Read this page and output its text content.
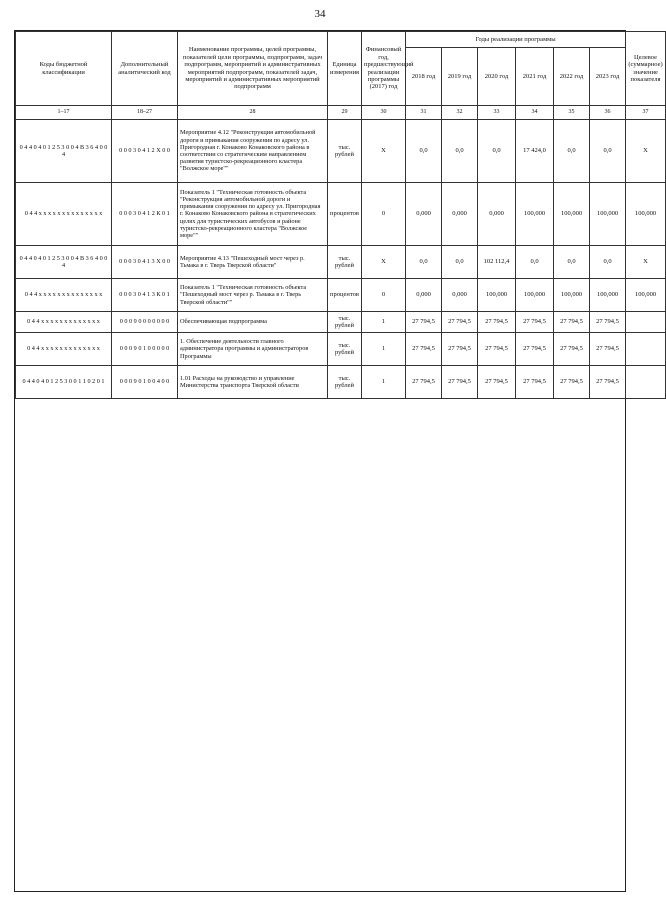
34
Коды бюджетной классификации	Дополнительный аналитический код	Наименование программы, целей программы, показателей цели программы, подпрограмм, задач подпрограмм, мероприятий и административных мероприятий подпрограмм, показателей задач, мероприятий и административных мероприятий подпрограмм	Единица измерения	Финансовый год, предшествующий реализации программы (2017) год	Годы реализации программы						Целевое (суммарное) значение показателя
					2018 год	2019 год	2020 год	2021 год	2022 год	2023 год	
1–17	18–27	28	29	30	31	32	33	34	35	36	37
0 4 4 0 4 0 1 2 5 3 0 0 4 В 3 6 4 0 0 4	0 0 0 3 0 4 1 2 Х 0 0	Мероприятие 4.12 "Реконструкция автомобильной дороги и примыкания сооружения по адресу ул. Пригородная г. Конаково Конаковского района в соответствии со стратегическим направлением развития туристско-рекреационного кластера "Волжское море""	тыс. рублей	Х	0,0	0,0	0,0	17 424,0	0,0	0,0	Х
0 4 4 х х х х х х х х х х х х х х	0 0 0 3 0 4 1 2 К 0 1	Показатель 1 "Техническая готовность объекта "Реконструкция автомобильной дороги и примыкания сооружения по адресу ул. Пригородная г. Конаково Конаковского района в стратегических целях для туристических автобусов и районе туристско-рекреационного кластера "Волжское море""	процентов	0	0,000	0,000	0,000	100,000	100,000	100,000	100,000
0 4 4 0 4 0 1 2 5 3 0 0 4 В 3 6 4 0 0 4	0 0 0 3 0 4 1 3 Х 0 0	Мероприятие 4.13 "Пешеходный мост через р. Тьмака в г. Тверь Тверской области"	тыс. рублей	Х	0,0	0,0	102 112,4	0,0	0,0	0,0	Х
0 4 4 х х х х х х х х х х х х х х	0 0 0 3 0 4 1 3 К 0 1	Показатель 1 "Техническая готовность объекта "Пешеходный мост через р. Тьмака в г. Тверь Тверской области""	процентов	0	0,000	0,000	100,000	100,000	100,000	100,000	100,000
0 4 4 х х х х х х х х х х х х х	0 0 0 9 0 0 0 0 0 0 0	Обеспечивающая подпрограмма	тыс. рублей	1	27 794,5	27 794,5	27 794,5	27 794,5	27 794,5	27 794,5	
0 4 4 х х х х х х х х х х х х х	0 0 0 9 0 1 0 0 0 0 0	1. Обеспечение деятельности главного администратора программы и администраторов Программы	тыс. рублей	1	27 794,5	27 794,5	27 794,5	27 794,5	27 794,5	27 794,5	
0 4 4 0 4 0 1 2 5 3 0 0 1 1 0 2 0 1	0 0 0 9 0 1 0 0 4 0 0	1.01 Расходы на руководство и управление Министерства транспорта Тверской области	тыс. рублей	1	27 794,5	27 794,5	27 794,5	27 794,5	27 794,5	27 794,5	
